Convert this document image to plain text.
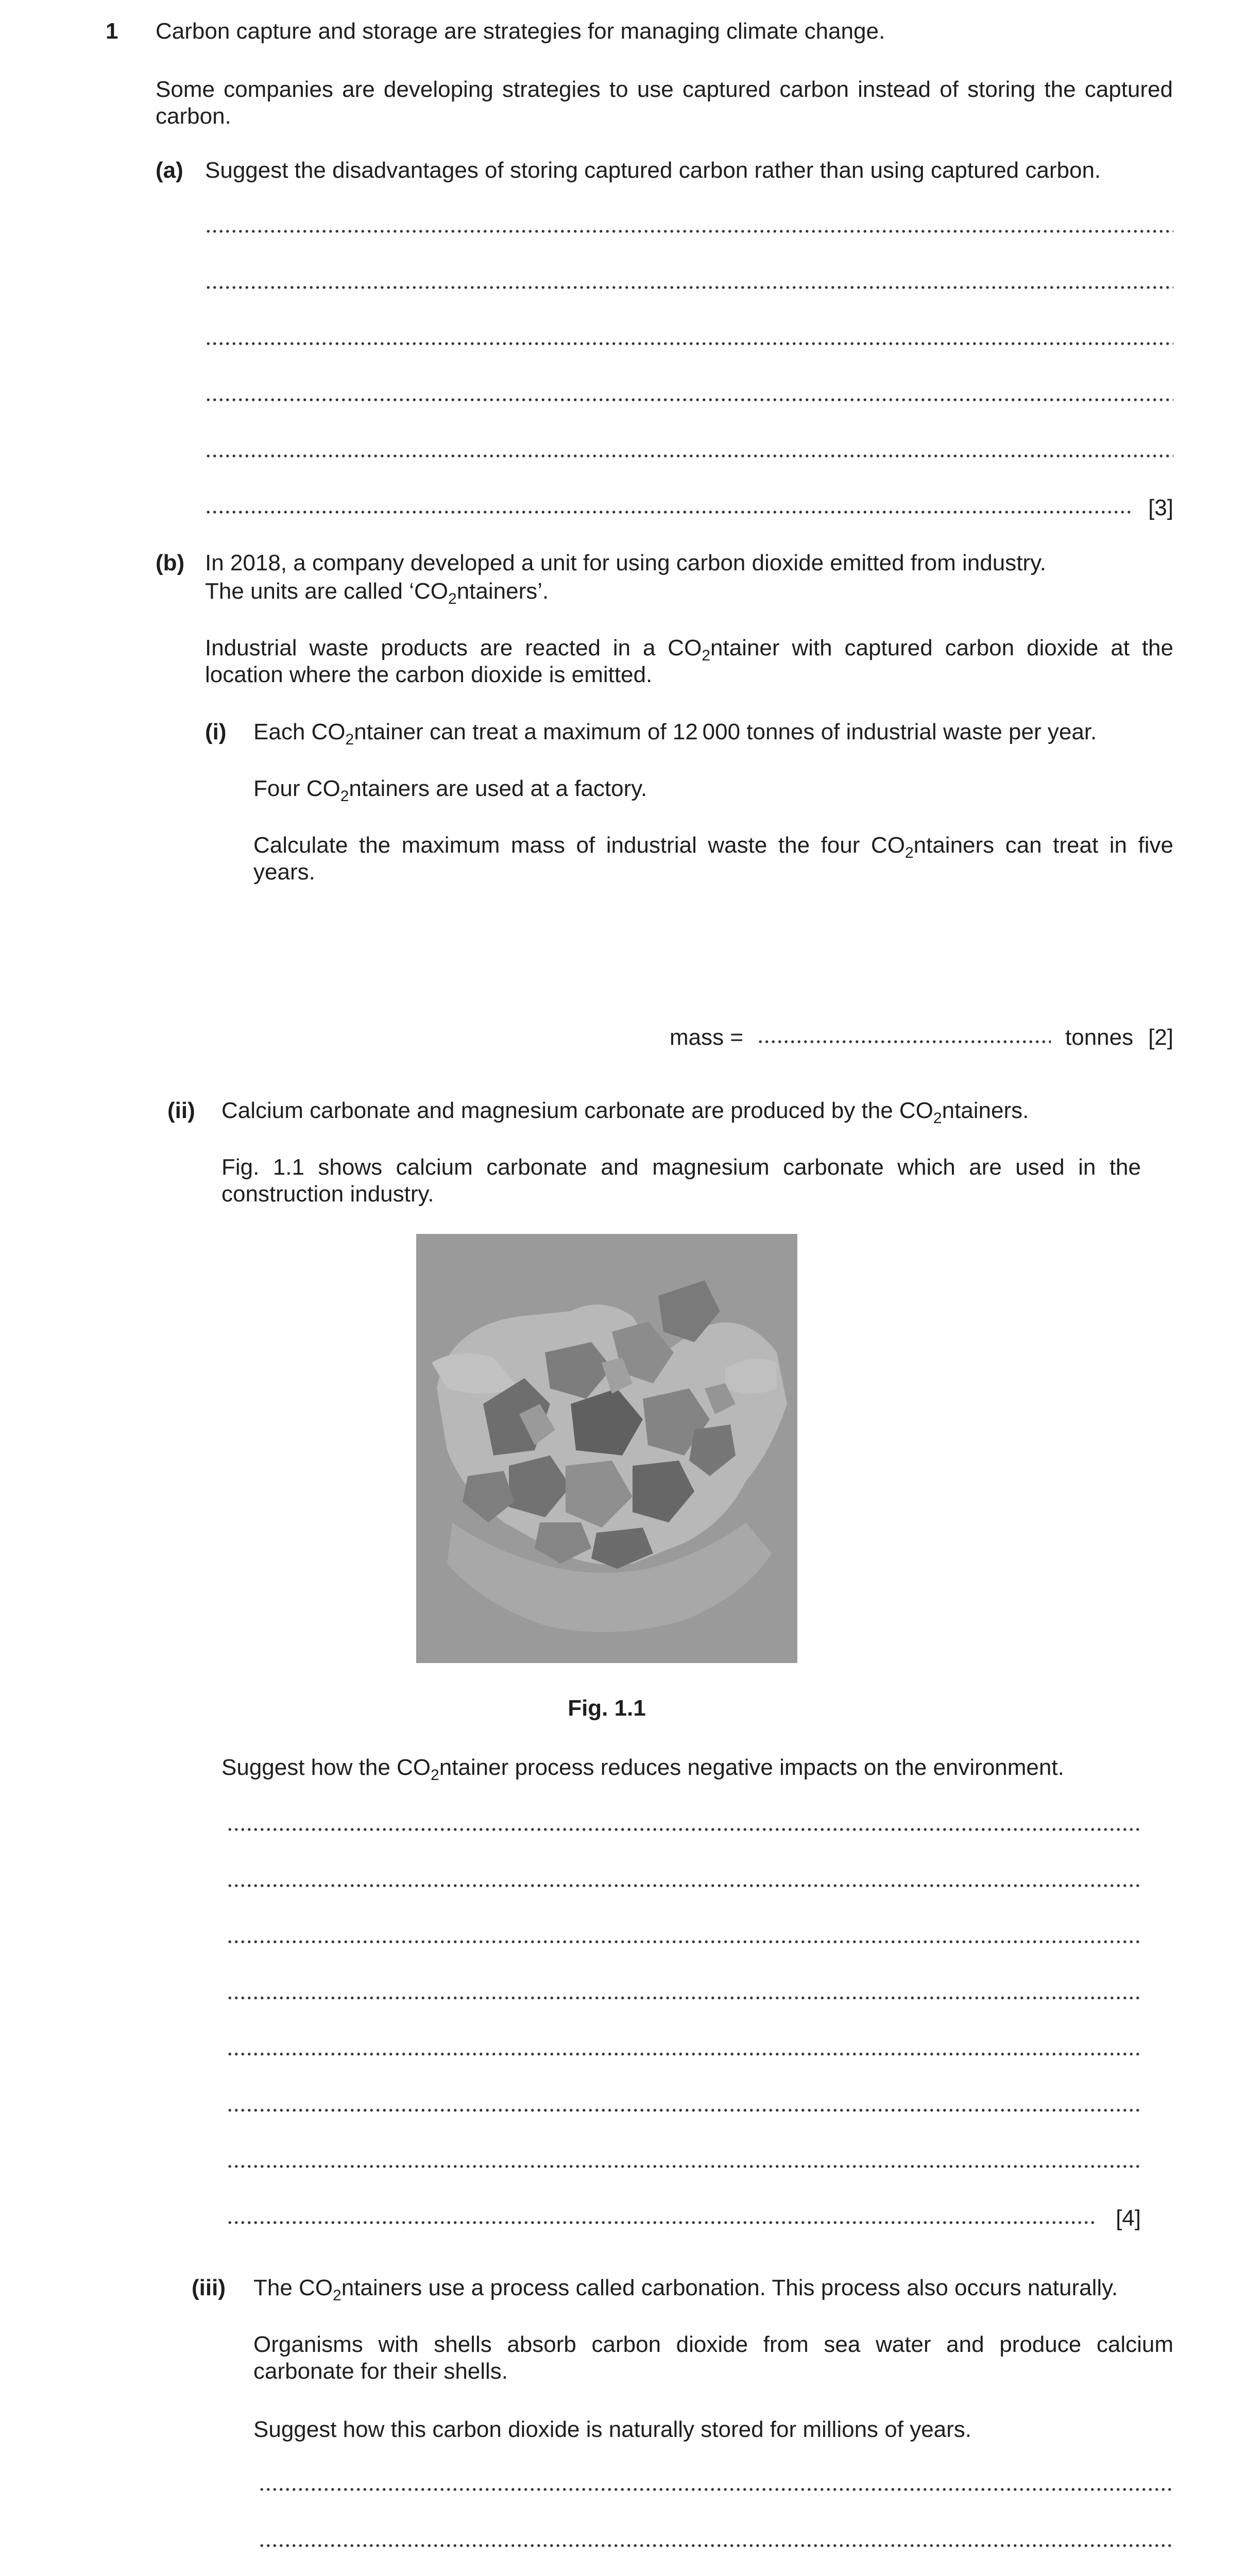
1 Carbon capture and storage are strategies for managing climate change.
Some companies are developing strategies to use captured carbon instead of storing the captured carbon.
(a) Suggest the disadvantages of storing captured carbon rather than using captured carbon.
[3]
(b) In 2018, a company developed a unit for using carbon dioxide emitted from industry.
The units are called ‘$CO_2ntainers$’.
Industrial waste products are reacted in a $CO_2ntainer$ with captured carbon dioxide at the location where the carbon dioxide is emitted.
(i) Each $CO_2ntainer$ can treat a maximum of 12 000 tonnes of industrial waste per year.
Four $CO_2ntainers$ are used at a factory.
Calculate the maximum mass of industrial waste the four $CO_2ntainers$ can treat in five years.
mass =	tonnes [2]
(ii) Calcium carbonate and magnesium carbonate are produced by the $CO_2ntainers$.
Fig. 1.1 shows calcium carbonate and magnesium carbonate which are used in the construction industry.
Fig. 1.1
Suggest how the $CO_2ntainer$ process reduces negative impacts on the environment.
[4]
(iii) The $CO_2ntainers$ use a process called carbonation. This process also occurs naturally.
Organisms with shells absorb carbon dioxide from sea water and produce calcium carbonate for their shells.
Suggest how this carbon dioxide is naturally stored for millions of years.
